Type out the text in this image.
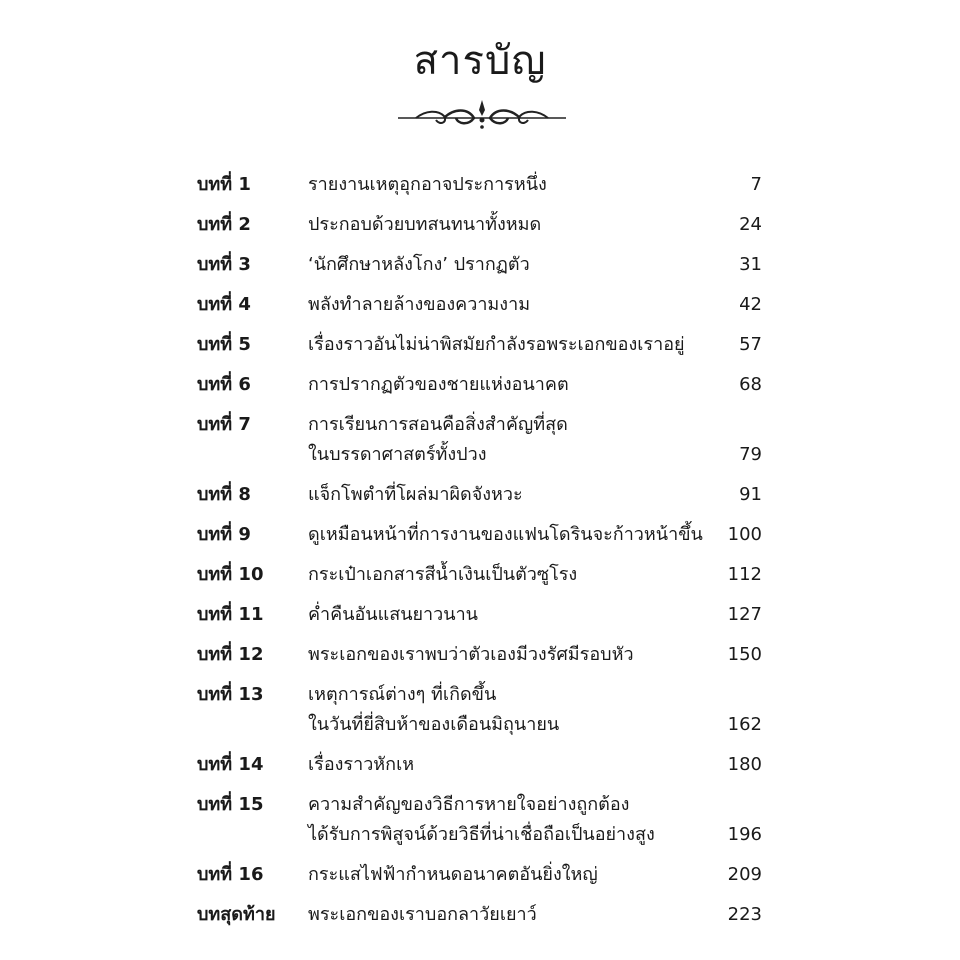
สารบัญ
บทที่ 1	รายงานเหตุอุกอาจประการหนึ่ง	7
บทที่ 2	ประกอบด้วยบทสนทนาทั้งหมด	24
บทที่ 3	‘นักศึกษาหลังโกง’ ปรากฏตัว	31
บทที่ 4	พลังทำลายล้างของความงาม	42
บทที่ 5	เรื่องราวอันไม่น่าพิสมัยกำลังรอพระเอกของเราอยู่	57
บทที่ 6	การปรากฏตัวของชายแห่งอนาคต	68
บทที่ 7	การเรียนการสอนคือสิ่งสำคัญที่สุด
ในบรรดาศาสตร์ทั้งปวง	79
บทที่ 8	แจ็กโพตำที่โผล่มาผิดจังหวะ	91
บทที่ 9	ดูเหมือนหน้าที่การงานของแฟนโดรินจะก้าวหน้าขึ้น 100
บทที่ 10 กระเป๋าเอกสารสีน้ำเงินเป็นตัวซูโรง	112
บทที่ 11 ค่ำคืนอันแสนยาวนาน	127
บทที่ 12 พระเอกของเราพบว่าตัวเองมีวงรัศมีรอบหัว	150
บทที่ 13 เหตุการณ์ต่างๆ ที่เกิดขึ้น
ในวันที่ยี่สิบห้าของเดือนมิถุนายน	162
บทที่ 14 เรื่องราวหักเห	180
บทที่ 15 ความสำคัญของวิธีการหายใจอย่างถูกต้อง
ได้รับการพิสูจน์ด้วยวิธีที่น่าเชื่อถือเป็นอย่างสูง	196
บทที่ 16 กระแสไฟฟ้ากำหนดอนาคตอันยิ่งใหญ่	209
บทสุดท้าย พระเอกของเราบอกลาวัยเยาว์	223
